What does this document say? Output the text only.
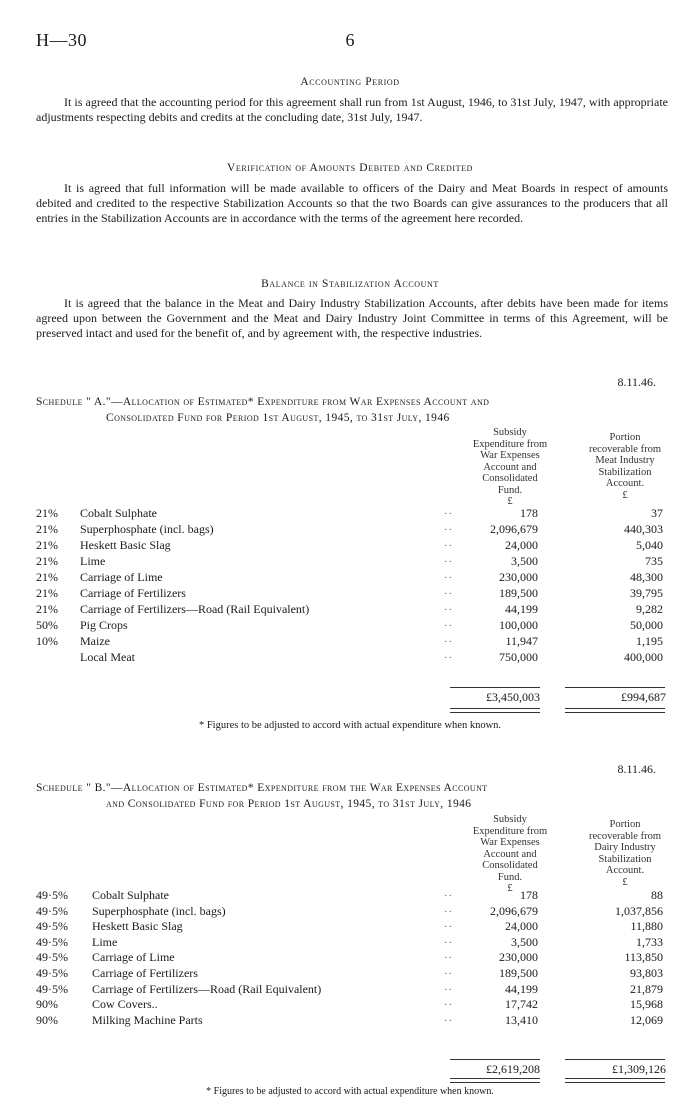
H—30	6
Accounting Period
It is agreed that the accounting period for this agreement shall run from 1st August, 1946, to 31st July, 1947, with appropriate adjustments respecting debits and credits at the concluding date, 31st July, 1947.
Verification of Amounts Debited and Credited
It is agreed that full information will be made available to officers of the Dairy and Meat Boards in respect of amounts debited and credited to the respective Stabilization Accounts so that the two Boards can give assurances to the producers that all entries in the Stabilization Accounts are in accordance with the terms of the agreement here recorded.
Balance in Stabilization Account
It is agreed that the balance in the Meat and Dairy Industry Stabilization Accounts, after debits have been made for items agreed upon between the Government and the Meat and Dairy Industry Joint Committee in terms of this Agreement, will be preserved intact and used for the benefit of, and by agreement with, the respective industries.
8.11.46.
Schedule " A."—Allocation of Estimated* Expenditure from War Expenses Account and
Consolidated Fund for Period 1st August, 1945, to 31st July, 1946
Subsidy
Expenditure from
War Expenses
Account and
Consolidated
Fund.
£
Portion
recoverable from
Meat Industry
Stabilization
Account.
£
21% Cobalt Sulphate	..	178	37
21% Superphosphate (incl. bags)	..	2,096,679	440,303
21% Heskett Basic Slag	..	24,000	5,040
21% Lime	..	3,500	735
21% Carriage of Lime	..	230,000	48,300
21% Carriage of Fertilizers	..	189,500	39,795
21% Carriage of Fertilizers—Road (Rail Equivalent)	..	44,199	9,282
50% Pig Crops	..	100,000	50,000
10% Maize	..	11,947	1,195
Local Meat	..	750,000	400,000
£3,450,003	£994,687
* Figures to be adjusted to accord with actual expenditure when known.
8.11.46.
Schedule " B."—Allocation of Estimated* Expenditure from the War Expenses Account
and Consolidated Fund for Period 1st August, 1945, to 31st July, 1946
Subsidy
Expenditure from
War Expenses
Account and
Consolidated
Fund.
£
Portion
recoverable from
Dairy Industry
Stabilization
Account.
£
49·5% Cobalt Sulphate	..	178	88
49·5% Superphosphate (incl. bags)	..	2,096,679	1,037,856
49·5% Heskett Basic Slag	..	24,000	11,880
49·5% Lime	..	3,500	1,733
49·5% Carriage of Lime	..	230,000	113,850
49·5% Carriage of Fertilizers	..	189,500	93,803
49·5% Carriage of Fertilizers—Road (Rail Equivalent)	..	44,199	21,879
90%	Cow Covers..	..	17,742	15,968
90%	Milking Machine Parts	..	13,410	12,069
£2,619,208	£1,309,126
* Figures to be adjusted to accord with actual expenditure when known.
